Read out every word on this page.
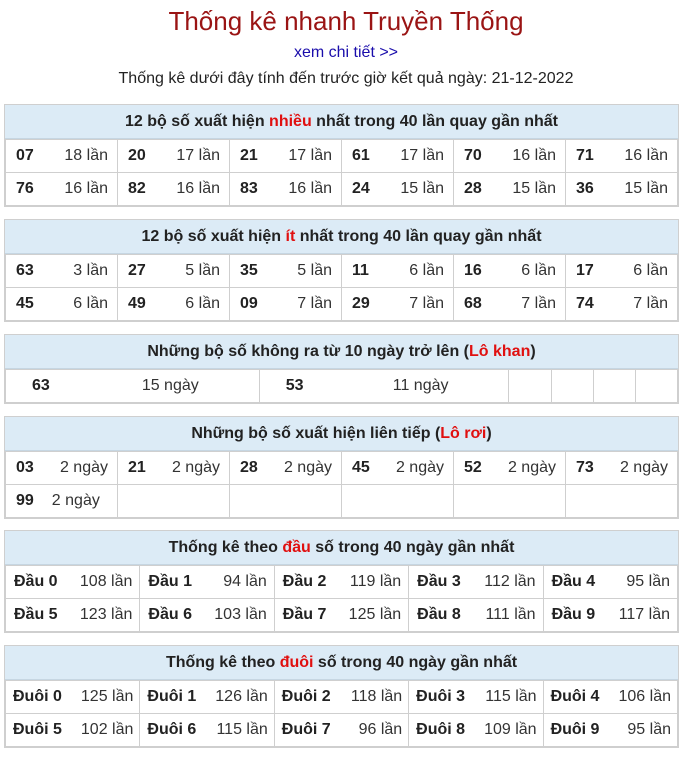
Thống kê nhanh Truyền Thống
xem chi tiết >>
Thống kê dưới đây tính đến trước giờ kết quả ngày: 21-12-2022
12 bộ số xuất hiện nhiều nhất trong 40 lần quay gần nhất
07 18 lần	20 17 lần	21 17 lần	61 17 lần	70 16 lần	71 16 lần

76 16 lần	82 16 lần	83 16 lần	24 15 lần	28 15 lần	36 15 lần
12 bộ số xuất hiện ít nhất trong 40 lần quay gần nhất
63 3 lần	27 5 lần	35 5 lần	11 6 lần	16 6 lần	17 6 lần

45 6 lần	49 6 lần	09 7 lần	29 7 lần	68 7 lần	74 7 lần
Những bộ số không ra từ 10 ngày trở lên (Lô khan)
63	15 ngày	53	11 ngày

Những bộ số xuất hiện liên tiếp (Lô rơi)
03 2 ngày	21 2 ngày	28 2 ngày	45 2 ngày	52 2 ngày	73 2 ngày

99 2 ngày					

Thống kê theo đầu số trong 40 ngày gần nhất
Đầu 0 108 lần	Đầu 1 94 lần	Đầu 2 119 lần	Đầu 3 112 lần	Đầu 4 95 lần

Đầu 5 123 lần	Đầu 6 103 lần	Đầu 7 125 lần	Đầu 8 111 lần	Đầu 9 117 lần
Thống kê theo đuôi số trong 40 ngày gần nhất
Đuôi 0 125 lần	Đuôi 1 126 lần	Đuôi 2 118 lần	Đuôi 3 115 lần	Đuôi 4 106 lần

Đuôi 5 102 lần	Đuôi 6 115 lần	Đuôi 7 96 lần	Đuôi 8 109 lần	Đuôi 9 95 lần
